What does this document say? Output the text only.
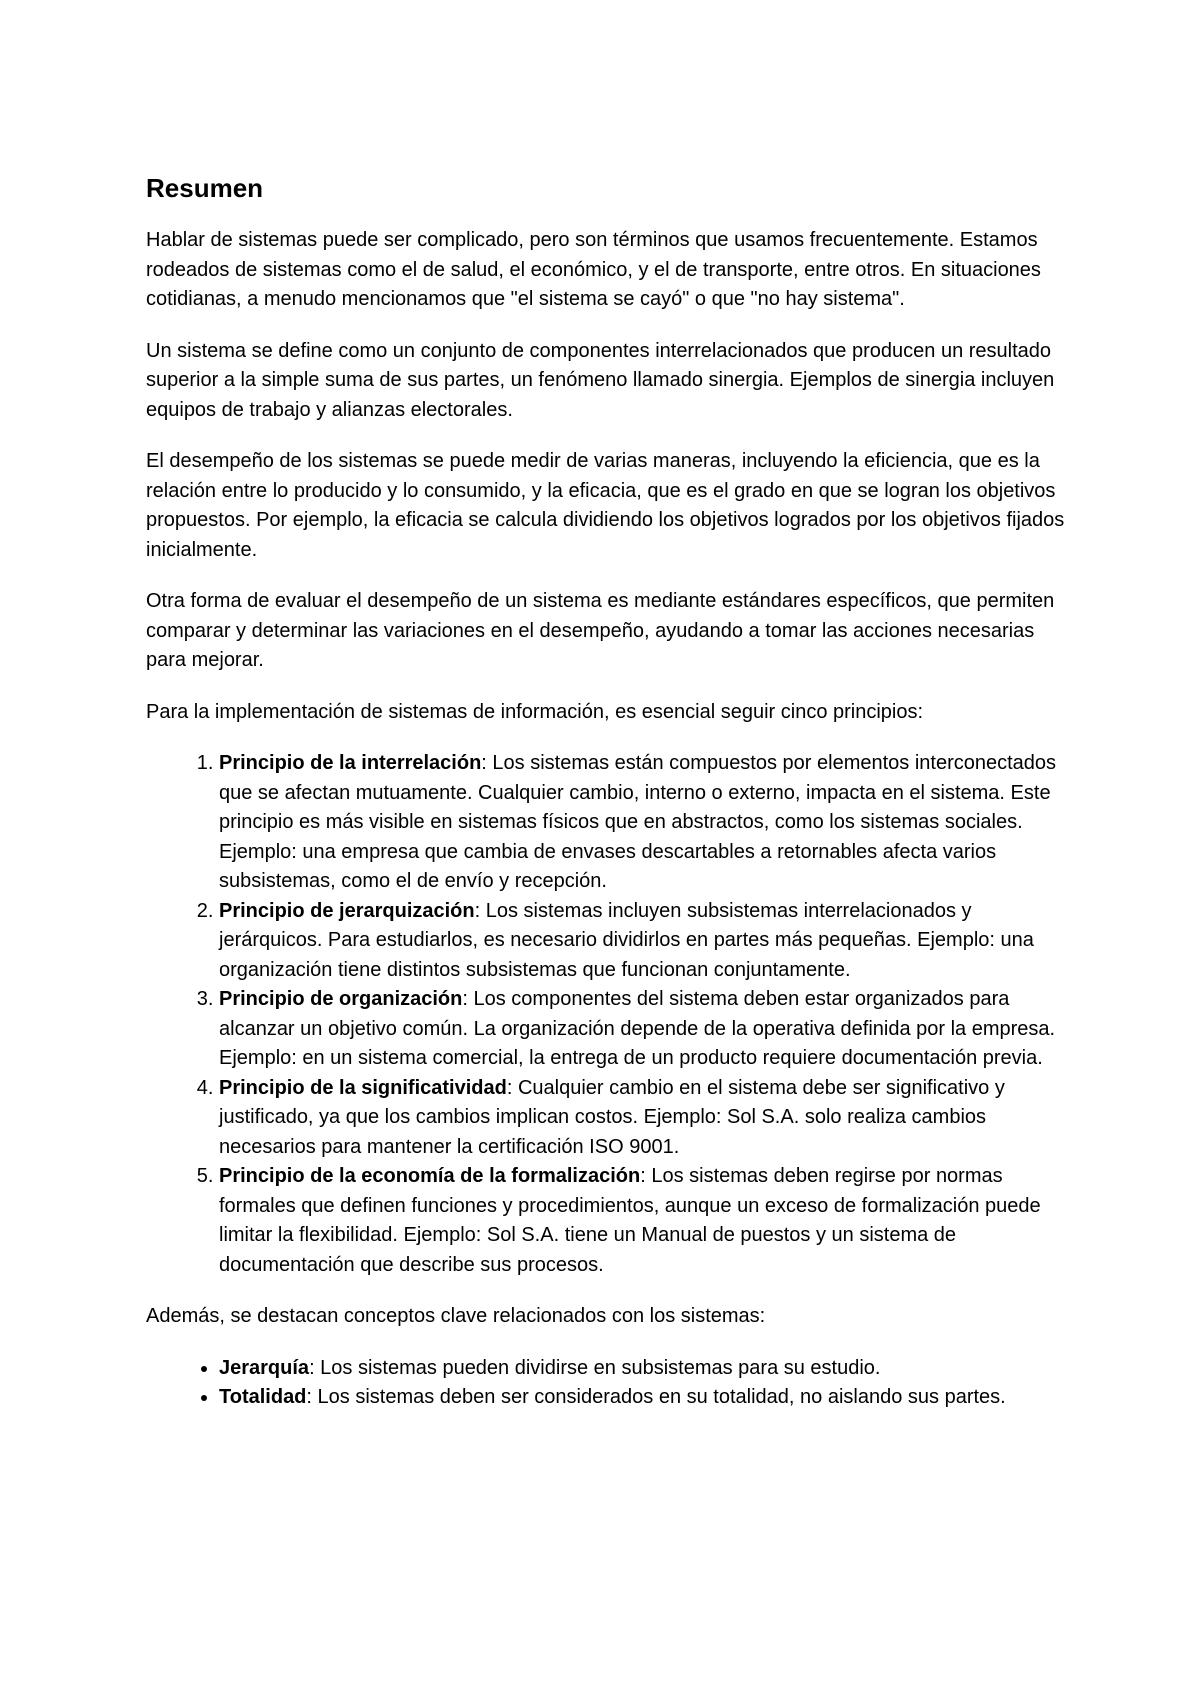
Resumen

Hablar de sistemas puede ser complicado, pero son términos que usamos frecuentemente. Estamos rodeados de sistemas como el de salud, el económico, y el de transporte, entre otros. En situaciones cotidianas, a menudo mencionamos que "el sistema se cayó" o que "no hay sistema".

Un sistema se define como un conjunto de componentes interrelacionados que producen un resultado superior a la simple suma de sus partes, un fenómeno llamado sinergia. Ejemplos de sinergia incluyen equipos de trabajo y alianzas electorales.

El desempeño de los sistemas se puede medir de varias maneras, incluyendo la eficiencia, que es la relación entre lo producido y lo consumido, y la eficacia, que es el grado en que se logran los objetivos propuestos. Por ejemplo, la eficacia se calcula dividiendo los objetivos logrados por los objetivos fijados inicialmente.

Otra forma de evaluar el desempeño de un sistema es mediante estándares específicos, que permiten comparar y determinar las variaciones en el desempeño, ayudando a tomar las acciones necesarias para mejorar.

Para la implementación de sistemas de información, es esencial seguir cinco principios:

1. Principio de la interrelación: Los sistemas están compuestos por elementos interconectados que se afectan mutuamente. Cualquier cambio, interno o externo, impacta en el sistema. Este principio es más visible en sistemas físicos que en abstractos, como los sistemas sociales. Ejemplo: una empresa que cambia de envases descartables a retornables afecta varios subsistemas, como el de envío y recepción.
2. Principio de jerarquización: Los sistemas incluyen subsistemas interrelacionados y jerárquicos. Para estudiarlos, es necesario dividirlos en partes más pequeñas. Ejemplo: una organización tiene distintos subsistemas que funcionan conjuntamente.
3. Principio de organización: Los componentes del sistema deben estar organizados para alcanzar un objetivo común. La organización depende de la operativa definida por la empresa. Ejemplo: en un sistema comercial, la entrega de un producto requiere documentación previa.
4. Principio de la significatividad: Cualquier cambio en el sistema debe ser significativo y justificado, ya que los cambios implican costos. Ejemplo: Sol S.A. solo realiza cambios necesarios para mantener la certificación ISO 9001.
5. Principio de la economía de la formalización: Los sistemas deben regirse por normas formales que definen funciones y procedimientos, aunque un exceso de formalización puede limitar la flexibilidad. Ejemplo: Sol S.A. tiene un Manual de puestos y un sistema de documentación que describe sus procesos.

Además, se destacan conceptos clave relacionados con los sistemas:

• Jerarquía: Los sistemas pueden dividirse en subsistemas para su estudio.
• Totalidad: Los sistemas deben ser considerados en su totalidad, no aislando sus partes.
